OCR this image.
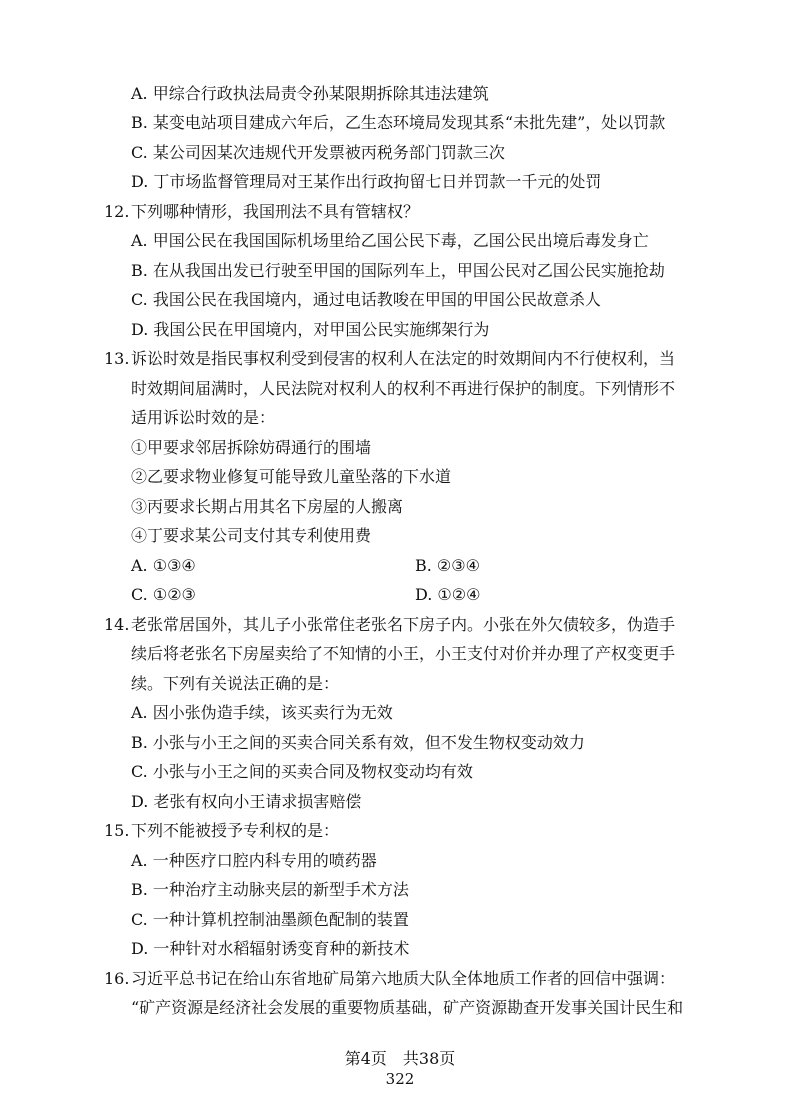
A. 甲综合行政执法局责令孙某限期拆除其违法建筑
B. 某变电站项目建成六年后，乙生态环境局发现其系“未批先建”，处以罚款
C. 某公司因某次违规代开发票被丙税务部门罚款三次
D. 丁市场监督管理局对王某作出行政拘留七日并罚款一千元的处罚
12. 下列哪种情形，我国刑法不具有管辖权？
A. 甲国公民在我国国际机场里给乙国公民下毒，乙国公民出境后毒发身亡
B. 在从我国出发已行驶至甲国的国际列车上，甲国公民对乙国公民实施抢劫
C. 我国公民在我国境内，通过电话教唆在甲国的甲国公民故意杀人
D. 我国公民在甲国境内，对甲国公民实施绑架行为
13. 诉讼时效是指民事权利受到侵害的权利人在法定的时效期间内不行使权利，当
时效期间届满时，人民法院对权利人的权利不再进行保护的制度。下列情形不
适用诉讼时效的是：
①甲要求邻居拆除妨碍通行的围墙
②乙要求物业修复可能导致儿童坠落的下水道
③丙要求长期占用其名下房屋的人搬离
④丁要求某公司支付其专利使用费
A. ①③④	B. ②③④
C. ①②③	D. ①②④
14. 老张常居国外，其儿子小张常住老张名下房子内。小张在外欠债较多，伪造手
续后将老张名下房屋卖给了不知情的小王，小王支付对价并办理了产权变更手
续。下列有关说法正确的是：
A. 因小张伪造手续，该买卖行为无效
B. 小张与小王之间的买卖合同关系有效，但不发生物权变动效力
C. 小张与小王之间的买卖合同及物权变动均有效
D. 老张有权向小王请求损害赔偿
15. 下列不能被授予专利权的是：
A. 一种医疗口腔内科专用的喷药器
B. 一种治疗主动脉夹层的新型手术方法
C. 一种计算机控制油墨颜色配制的装置
D. 一种针对水稻辐射诱变育种的新技术
16. 习近平总书记在给山东省地矿局第六地质大队全体地质工作者的回信中强调：
“矿产资源是经济社会发展的重要物质基础，矿产资源勘查开发事关国计民生和
第4页　共38页
322
